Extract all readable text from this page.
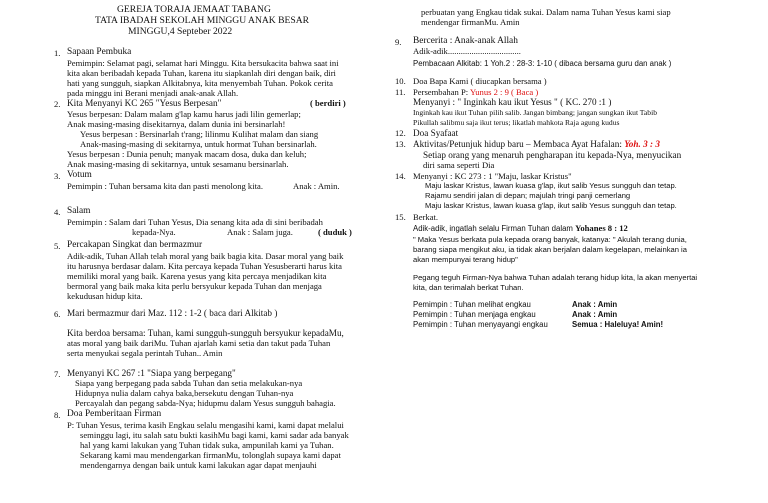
GEREJA TORAJA JEMAAT TABANG
TATA IBADAH SEKOLAH MINGGU ANAK BESAR
MINGGU,4 Septeber 2022
1. Sapaan Pembuka
Pemimpin: Selamat pagi, selamat hari Minggu. Kita bersukacita bahwa saat ini
kita akan beribadah kepada Tuhan, karena itu siapkanlah diri dengan baik, diri
hati yang sungguh, siapkan Alkitabnya, kita menyembah Tuhan. Pokok cerita
pada minggu ini Berani menjadi anak-anak Allah.
2. Kita Menyanyi KC 265 "Yesus Berpesan"	( berdiri )
Yesus berpesan: Dalam malam g'lap kamu harus jadi lilin gemerlap;
Anak masing-masing disekitarnya, dalam dunia ini bersinarlah!
Yesus berpesan : Bersinarlah t'rang; lilinmu Kulihat malam dan siang
Anak-masing-masing di sekitarnya, untuk hormat Tuhan bersinarlah.
Yesus berpesan : Dunia penuh; manyak macam dosa, duka dan keluh;
Anak masing-masing di sekitarnya, untuk sesamanu bersinarlah.
3. Votum
Pemimpin : Tuhan bersama kita dan pasti menolong kita.	Anak : Amin.
4. Salam
Pemimpin : Salam dari Tuhan Yesus, Dia senang kita ada di sini beribadah
kepada-Nya.	Anak : Salam juga.	( duduk )
5. Percakapan Singkat dan bermazmur
Adik-adik, Tuhan Allah telah moral yang baik bagia kita. Dasar moral yang baik
itu harusnya berdasar dalam. Kita percaya kepada Tuhan Yesusberarti harus kita
memiliki moral yang baik. Karena yesus yang kita percaya menjadikan kita
bermoral yang baik maka kita perlu bersyukur kepada Tuhan dan menjaga
kekudusan hidup kita.
6. Mari bermazmur dari Maz. 112 : 1-2 ( baca dari Alkitab )
Kita berdoa bersama: Tuhan, kami sungguh-sungguh bersyukur kepadaMu,
atas moral yang baik dariMu. Tuhan ajarlah kami setia dan takut pada Tuhan
serta menyukai segala perintah Tuhan.. Amin
7. Menyanyi KC 267 :1 "Siapa yang berpegang"
Siapa yang berpegang pada sabda Tuhan dan setia melakukan-nya
Hidupnya nulia dalam cahya baka,bersekutu dengan Tuhan-nya
Percayalah dan pegang sabda-Nya; hidupmu dalam Yesus sungguh bahagia.
8. Doa Pemberitaan Firman
P: Tuhan Yesus, terima kasih Engkau selalu mengasihi kami, kami dapat melalui
seminggu lagi, itu salah satu bukti kasihMu bagi kami, kami sadar ada banyak
hal yang kami lakukan yang Tuhan tidak suka, ampunilah kami ya Tuhan.
Sekarang kami mau mendengarkan firmanMu, tolonglah supaya kami dapat
mendengarnya dengan baik untuk kami lakukan agar dapat menjauhi
perbuatan yang Engkau tidak sukai. Dalam nama Tuhan Yesus kami siap
mendengar firmanMu. Amin
9. Bercerita : Anak-anak Allah
Adik-adik..................................
Pembacaan Alkitab: 1 Yoh.2 : 28-3: 1-10 ( dibaca bersama guru dan anak )
10. Doa Bapa Kami ( diucapkan bersama )
11. Persembahan P: Yunus 2 : 9 ( Baca )
Menyanyi : " Inginkah kau ikut Yesus " ( KC. 270 :1 )
Inginkah kau ikut Tuhan pilih salib. Jangan bimbang; jangan sungkan ikut Tabib
Pikullah salibmu saja ikut terus; likatlah mahkota Raja agung kudus
12. Doa Syafaat
13. Aktivitas/Petunjuk hidup baru – Membaca Ayat Hafalan: Yoh. 3 : 3
Setiap orang yang menaruh pengharapan itu kepada-Nya, menyucikan
diri sama seperti Dia
14. Menyanyi : KC 273 : 1 "Maju, laskar Kristus"
Maju laskar Kristus, lawan kuasa g'lap, ikut salib Yesus sungguh dan tetap.
Rajamu sendiri jalan di depan; majulah tringi panji cemerlang
Maju laskar Kristus, lawan kuasa g'lap, ikut salib Yesus sungguh dan tetap.
15. Berkat.
Adik-adik, ingatlah selalu Firman Tuhan dalam Yohanes 8 : 12
" Maka Yesus berkata pula kepada orang banyak, katanya: " Akulah terang dunia,
barang siapa mengikut aku, ia tidak akan berjalan dalam kegelapan, melainkan ia
akan mempunyai terang hidup"
Pegang teguh Firman-Nya bahwa Tuhan adalah terang hidup kita, la akan menyertai
kita, dan terimalah berkat Tuhan.
Pemimpin : Tuhan melihat engkau	Anak : Amin
Pemimpin : Tuhan menjaga engkau	Anak : Amin
Pemimpin : Tuhan menyayangi engkau	Semua : Haleluya! Amin!
